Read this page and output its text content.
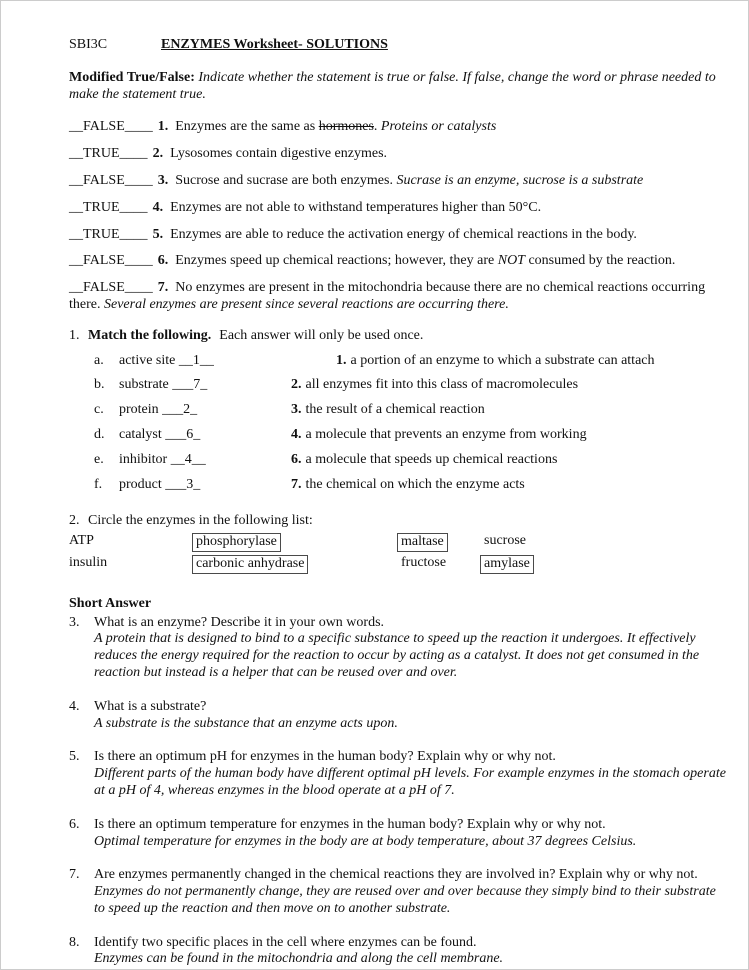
SBI3C	ENZYMES Worksheet- SOLUTIONS

Modified True/False: Indicate whether the statement is true or false. If false, change the word or phrase needed to make the statement true.

__FALSE____ 1. Enzymes are the same as hormones. Proteins or catalysts

__TRUE____ 2. Lysosomes contain digestive enzymes.

__FALSE____ 3. Sucrose and sucrase are both enzymes. Sucrase is an enzyme, sucrose is a substrate

__TRUE____ 4. Enzymes are not able to withstand temperatures higher than 50°C.

__TRUE____ 5. Enzymes are able to reduce the activation energy of chemical reactions in the body.

__FALSE____ 6. Enzymes speed up chemical reactions; however, they are NOT consumed by the reaction.

__FALSE____ 7. No enzymes are present in the mitochondria because there are no chemical reactions occurring there. Several enzymes are present since several reactions are occurring there.

1. Match the following. Each answer will only be used once.

a. active site __1__	1. a portion of an enzyme to which a substrate can attach
b. substrate ___7_	2. all enzymes fit into this class of macromolecules
c. protein ___2_	3. the result of a chemical reaction
d. catalyst ___6_	4. a molecule that prevents an enzyme from working
e. inhibitor __4__	6. a molecule that speeds up chemical reactions
f. product ___3_	7. the chemical on which the enzyme acts

2. Circle the enzymes in the following list:

ATP	phosphorylase	maltase	sucrose
insulin	carbonic anhydrase	fructose	amylase

Short Answer

3. What is an enzyme? Describe it in your own words.
A protein that is designed to bind to a specific substance to speed up the reaction it undergoes. It effectively reduces the energy required for the reaction to occur by acting as a catalyst. It does not get consumed in the reaction but instead is a helper that can be reused over and over.
4. What is a substrate?
A substrate is the substance that an enzyme acts upon.
5. Is there an optimum pH for enzymes in the human body? Explain why or why not.
Different parts of the human body have different optimal pH levels. For example enzymes in the stomach operate at a pH of 4, whereas enzymes in the blood operate at a pH of 7.
6. Is there an optimum temperature for enzymes in the human body? Explain why or why not.
Optimal temperature for enzymes in the body are at body temperature, about 37 degrees Celsius.
7. Are enzymes permanently changed in the chemical reactions they are involved in? Explain why or why not.
Enzymes do not permanently change, they are reused over and over because they simply bind to their substrate to speed up the reaction and then move on to another substrate.
8. Identify two specific places in the cell where enzymes can be found.
Enzymes can be found in the mitochondria and along the cell membrane.
